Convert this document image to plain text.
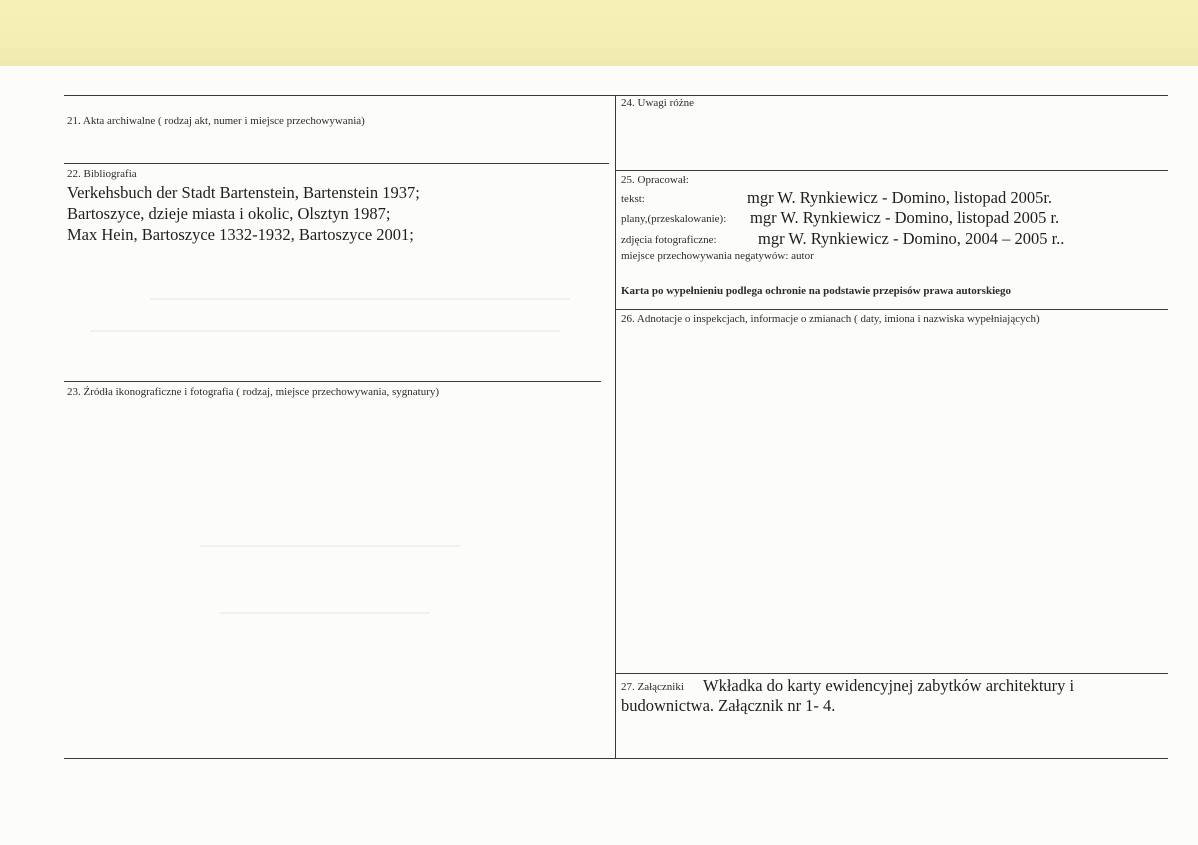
21. Akta archiwalne ( rodzaj akt, numer i miejsce przechowywania)
22. Bibliografia
Verkehsbuch der Stadt Bartenstein, Bartenstein 1937;
Bartoszyce, dzieje miasta i okolic, Olsztyn 1987;
Max Hein, Bartoszyce 1332-1932, Bartoszyce 2001;
23. Źródła ikonograficzne i fotografia ( rodzaj, miejsce przechowywania, sygnatury)
24. Uwagi różne
25. Opracował:
tekst:	mgr W. Rynkiewicz - Domino, listopad 2005r.
plany,(przeskalowanie): mgr W. Rynkiewicz - Domino, listopad 2005 r.
zdjęcia fotograficzne:	mgr W. Rynkiewicz - Domino, 2004 – 2005 r..
miejsce przechowywania negatywów: autor
Karta po wypełnieniu podlega ochronie na podstawie przepisów prawa autorskiego
26. Adnotacje o inspekcjach, informacje o zmianach ( daty, imiona i nazwiska wypełniających)
27. Załączniki Wkładka do karty ewidencyjnej zabytków architektury i
budownictwa. Załącznik nr 1- 4.
